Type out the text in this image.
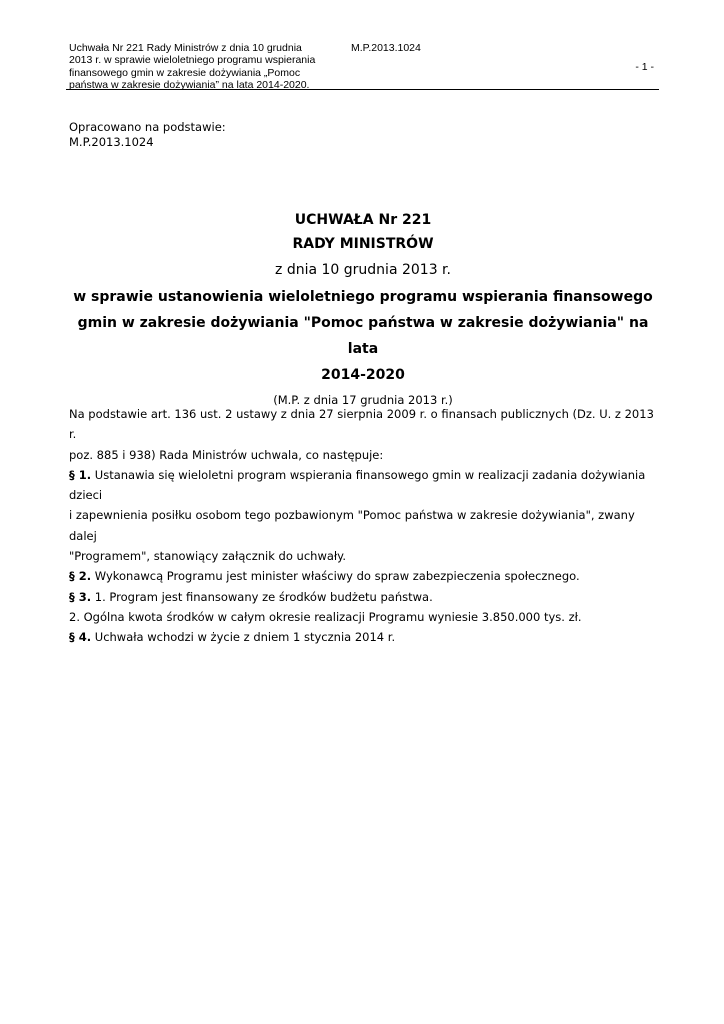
Uchwała Nr 221 Rady Ministrów z dnia 10 grudnia
2013 r. w sprawie wieloletniego programu wspierania
finansowego gmin w zakresie dożywiania „Pomoc
państwa w zakresie dożywiania” na lata 2014-2020.
M.P.2013.1024
- 1 -
Opracowano na podstawie:
M.P.2013.1024
UCHWAŁA Nr 221
RADY MINISTRÓW
z dnia 10 grudnia 2013 r.
w sprawie ustanowienia wieloletniego programu wspierania finansowego
gmin w zakresie dożywiania "Pomoc państwa w zakresie dożywiania" na lata
2014-2020
(M.P. z dnia 17 grudnia 2013 r.)

Na podstawie art. 136 ust. 2 ustawy z dnia 27 sierpnia 2009 r. o finansach publicznych (Dz. U. z 2013 r.

poz. 885 i 938) Rada Ministrów uchwala, co następuje:

§ 1. Ustanawia się wieloletni program wspierania finansowego gmin w realizacji zadania dożywiania dzieci

i zapewnienia posiłku osobom tego pozbawionym "Pomoc państwa w zakresie dożywiania", zwany dalej

"Programem", stanowiący załącznik do uchwały.

§ 2. Wykonawcą Programu jest minister właściwy do spraw zabezpieczenia społecznego.

§ 3. 1. Program jest finansowany ze środków budżetu państwa.

2. Ogólna kwota środków w całym okresie realizacji Programu wyniesie 3.850.000 tys. zł.

§ 4. Uchwała wchodzi w życie z dniem 1 stycznia 2014 r.
